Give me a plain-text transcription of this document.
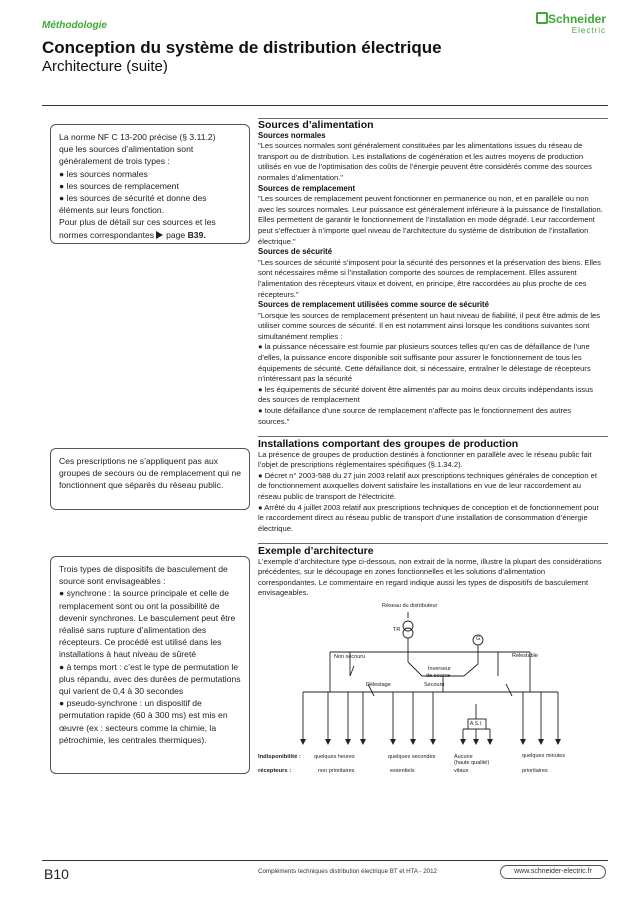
Méthodologie	Schneider
Electric
Conception du système de distribution électrique
Architecture (suite)
La norme NF C 13-200 précise (§ 3.11.2)
que les sources d’alimentation sont
généralement de trois types :
● les sources normales
● les sources de remplacement
● les sources de sécurité et donne des
éléments sur leurs fonction.
Pour plus de détail sur ces sources et les
normes correspondantes page B39.
Ces prescriptions ne s’appliquent pas aux groupes de secours ou de remplacement qui ne fonctionnent que séparés du réseau public.
Trois types de dispositifs de basculement de source sont envisageables :
● synchrone : la source principale et celle de remplacement sont ou ont la possibilité de devenir synchrones. Le basculement peut être réalisé sans rupture d’alimentation des récepteurs. Ce procédé est utilisé dans les installations à haut niveau de sûreté
● à temps mort : c’est le type de permutation le plus répandu, avec des durées de permutations qui varient de 0,4 à 30 secondes
● pseudo-synchrone : un dispositif de permutation rapide (60 à 300 ms) est mis en œuvre (ex : secteurs comme la chimie, la pétrochimie, les centrales thermiques).
Sources d’alimentation
Sources normales
"Les sources normales sont généralement constituées par les alimentations issues du réseau de transport ou de distribution. Les installations de cogénération et les autres moyens de production utilisés en vue de l’optimisation des coûts de l’énergie peuvent être considérés comme des sources normales d’alimentation."
Sources de remplacement
"Les sources de remplacement peuvent fonctionner en permanence ou non, et en parallèle ou non avec les sources normales. Leur puissance est généralement inférieure à la puissance de l’installation. Elles permettent de garantir le fonctionnement de l’installation en mode dégradé. Leur raccordement peut s’effectuer à n’importe quel niveau de l’architecture du système de distribution de l’installation électrique."
Sources de sécurité
"Les sources de sécurité s’imposent pour la sécurité des personnes et la préservation des biens. Elles sont nécessaires même si l’installation comporte des sources de remplacement. Elles assurent l’alimentation des récepteurs vitaux et doivent, en principe, être raccordées au plus proche de ces récepteurs."
Sources de remplacement utilisées comme source de sécurité
"Lorsque les sources de remplacement présentent un haut niveau de fiabilité, il peut être admis de les utiliser comme sources de sécurité. Il en est notamment ainsi lorsque les conditions suivantes sont simultanément remplies :
● la puissance nécessaire est fournie par plusieurs sources telles qu’en cas de défaillance de l’une d’elles, la puissance encore disponible soit suffisante pour assurer le fonctionnement de tous les équipements de sécurité. Cette défaillance doit, si nécessaire, entraîner le délestage de récepteurs n’intéressant pas la sécurité
● les équipements de sécurité doivent être alimentés par au moins deux circuits indépendants issus des sources de remplacement
● toute défaillance d’une source de remplacement n’affecte pas le fonctionnement des autres sources."
Installations comportant des groupes de production
La présence de groupes de production destinés à fonctionner en parallèle avec le réseau public fait l’objet de prescriptions réglementaires spécifiques (§.1.34.2).
● Décret n° 2003-588 du 27 juin 2003 relatif aux prescriptions techniques générales de conception et de fonctionnement auxquelles doivent satisfaire les installations en vue de leur raccordement au réseau public de transport de l’électricité.
● Arrêté du 4 juillet 2003 relatif aux prescriptions techniques de conception et de fonctionnement pour le raccordement direct au réseau public de transport d’une installation de consommation d’énergie électrique.
Exemple d’architecture
L’exemple d’architecture type ci-dessous, non extrait de la norme, illustre la plupart des considérations précédentes, sur le découpage en zones fonctionnelles et les solutions d’alimentation correspondantes. Le commentaire en regard indique aussi les types de dispositifs de basculement envisageables.
Réseau du distributeur
TR
G
Non secouru	Relestable
Inverseur
de source
Délestage	Secouru
A.S.I.
Indisponibilité :
récepteurs :
quelques heures
non prioritaires
quelques secondes
essentiels
Aucune
(haute qualité)
vitaux
quelques minutes
prioritaires
B10	Compléments techniques distribution électrique BT et HTA - 2012	www.schneider-electric.fr
